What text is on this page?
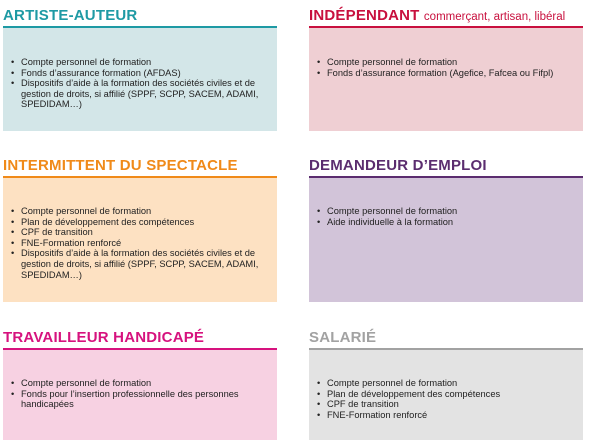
ARTISTE-AUTEUR
• Compte personnel de formation
• Fonds d’assurance formation (AFDAS)
• Dispositifs d’aide à la formation des sociétés civiles et de gestion de droits, si affilié (SPPF, SCPP, SACEM, ADAMI, SPEDIDAM…)
INDÉPENDANT commerçant, artisan, libéral
• Compte personnel de formation
• Fonds d’assurance formation (Agefice, Fafcea ou Fifpl)
INTERMITTENT DU SPECTACLE
• Compte personnel de formation
• Plan de développement des compétences
• CPF de transition
• FNE-Formation renforcé
• Dispositifs d’aide à la formation des sociétés civiles et de gestion de droits, si affilié (SPPF, SCPP, SACEM, ADAMI, SPEDIDAM…)
DEMANDEUR D’EMPLOI
• Compte personnel de formation
• Aide individuelle à la formation
TRAVAILLEUR HANDICAPÉ
• Compte personnel de formation
• Fonds pour l’insertion professionnelle des personnes handicapées
SALARIÉ
• Compte personnel de formation
• Plan de développement des compétences
• CPF de transition
• FNE-Formation renforcé
